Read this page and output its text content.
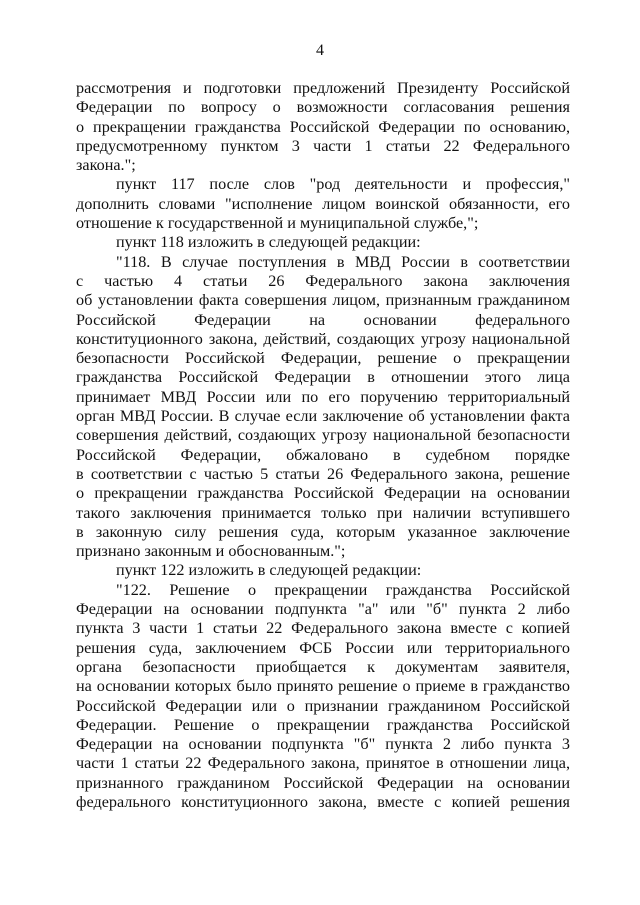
4

рассмотрения и подготовки предложений Президенту Российской
Федерации по вопросу о возможности согласования решения
о прекращении гражданства Российской Федерации по основанию,
предусмотренному пунктом 3 части 1 статьи 22 Федерального
закона.";

пункт 117 после слов "род деятельности и профессия,"
дополнить словами "исполнение лицом воинской обязанности, его
отношение к государственной и муниципальной службе,";

пункт 118 изложить в следующей редакции:

"118. В случае поступления в МВД России в соответствии
с частью 4 статьи 26 Федерального закона заключения
об установлении факта совершения лицом, признанным гражданином
Российской Федерации на основании федерального
конституционного закона, действий, создающих угрозу национальной
безопасности Российской Федерации, решение о прекращении
гражданства Российской Федерации в отношении этого лица
принимает МВД России или по его поручению территориальный
орган МВД России. В случае если заключение об установлении факта
совершения действий, создающих угрозу национальной безопасности
Российской Федерации, обжаловано в судебном порядке
в соответствии с частью 5 статьи 26 Федерального закона, решение
о прекращении гражданства Российской Федерации на основании
такого заключения принимается только при наличии вступившего
в законную силу решения суда, которым указанное заключение
признано законным и обоснованным.";

пункт 122 изложить в следующей редакции:

"122. Решение о прекращении гражданства Российской
Федерации на основании подпункта "а" или "б" пункта 2 либо
пункта 3 части 1 статьи 22 Федерального закона вместе с копией
решения суда, заключением ФСБ России или территориального
органа безопасности приобщается к документам заявителя,
на основании которых было принято решение о приеме в гражданство
Российской Федерации или о признании гражданином Российской
Федерации. Решение о прекращении гражданства Российской
Федерации на основании подпункта "б" пункта 2 либо пункта 3
части 1 статьи 22 Федерального закона, принятое в отношении лица,
признанного гражданином Российской Федерации на основании
федерального конституционного закона, вместе с копией решения
